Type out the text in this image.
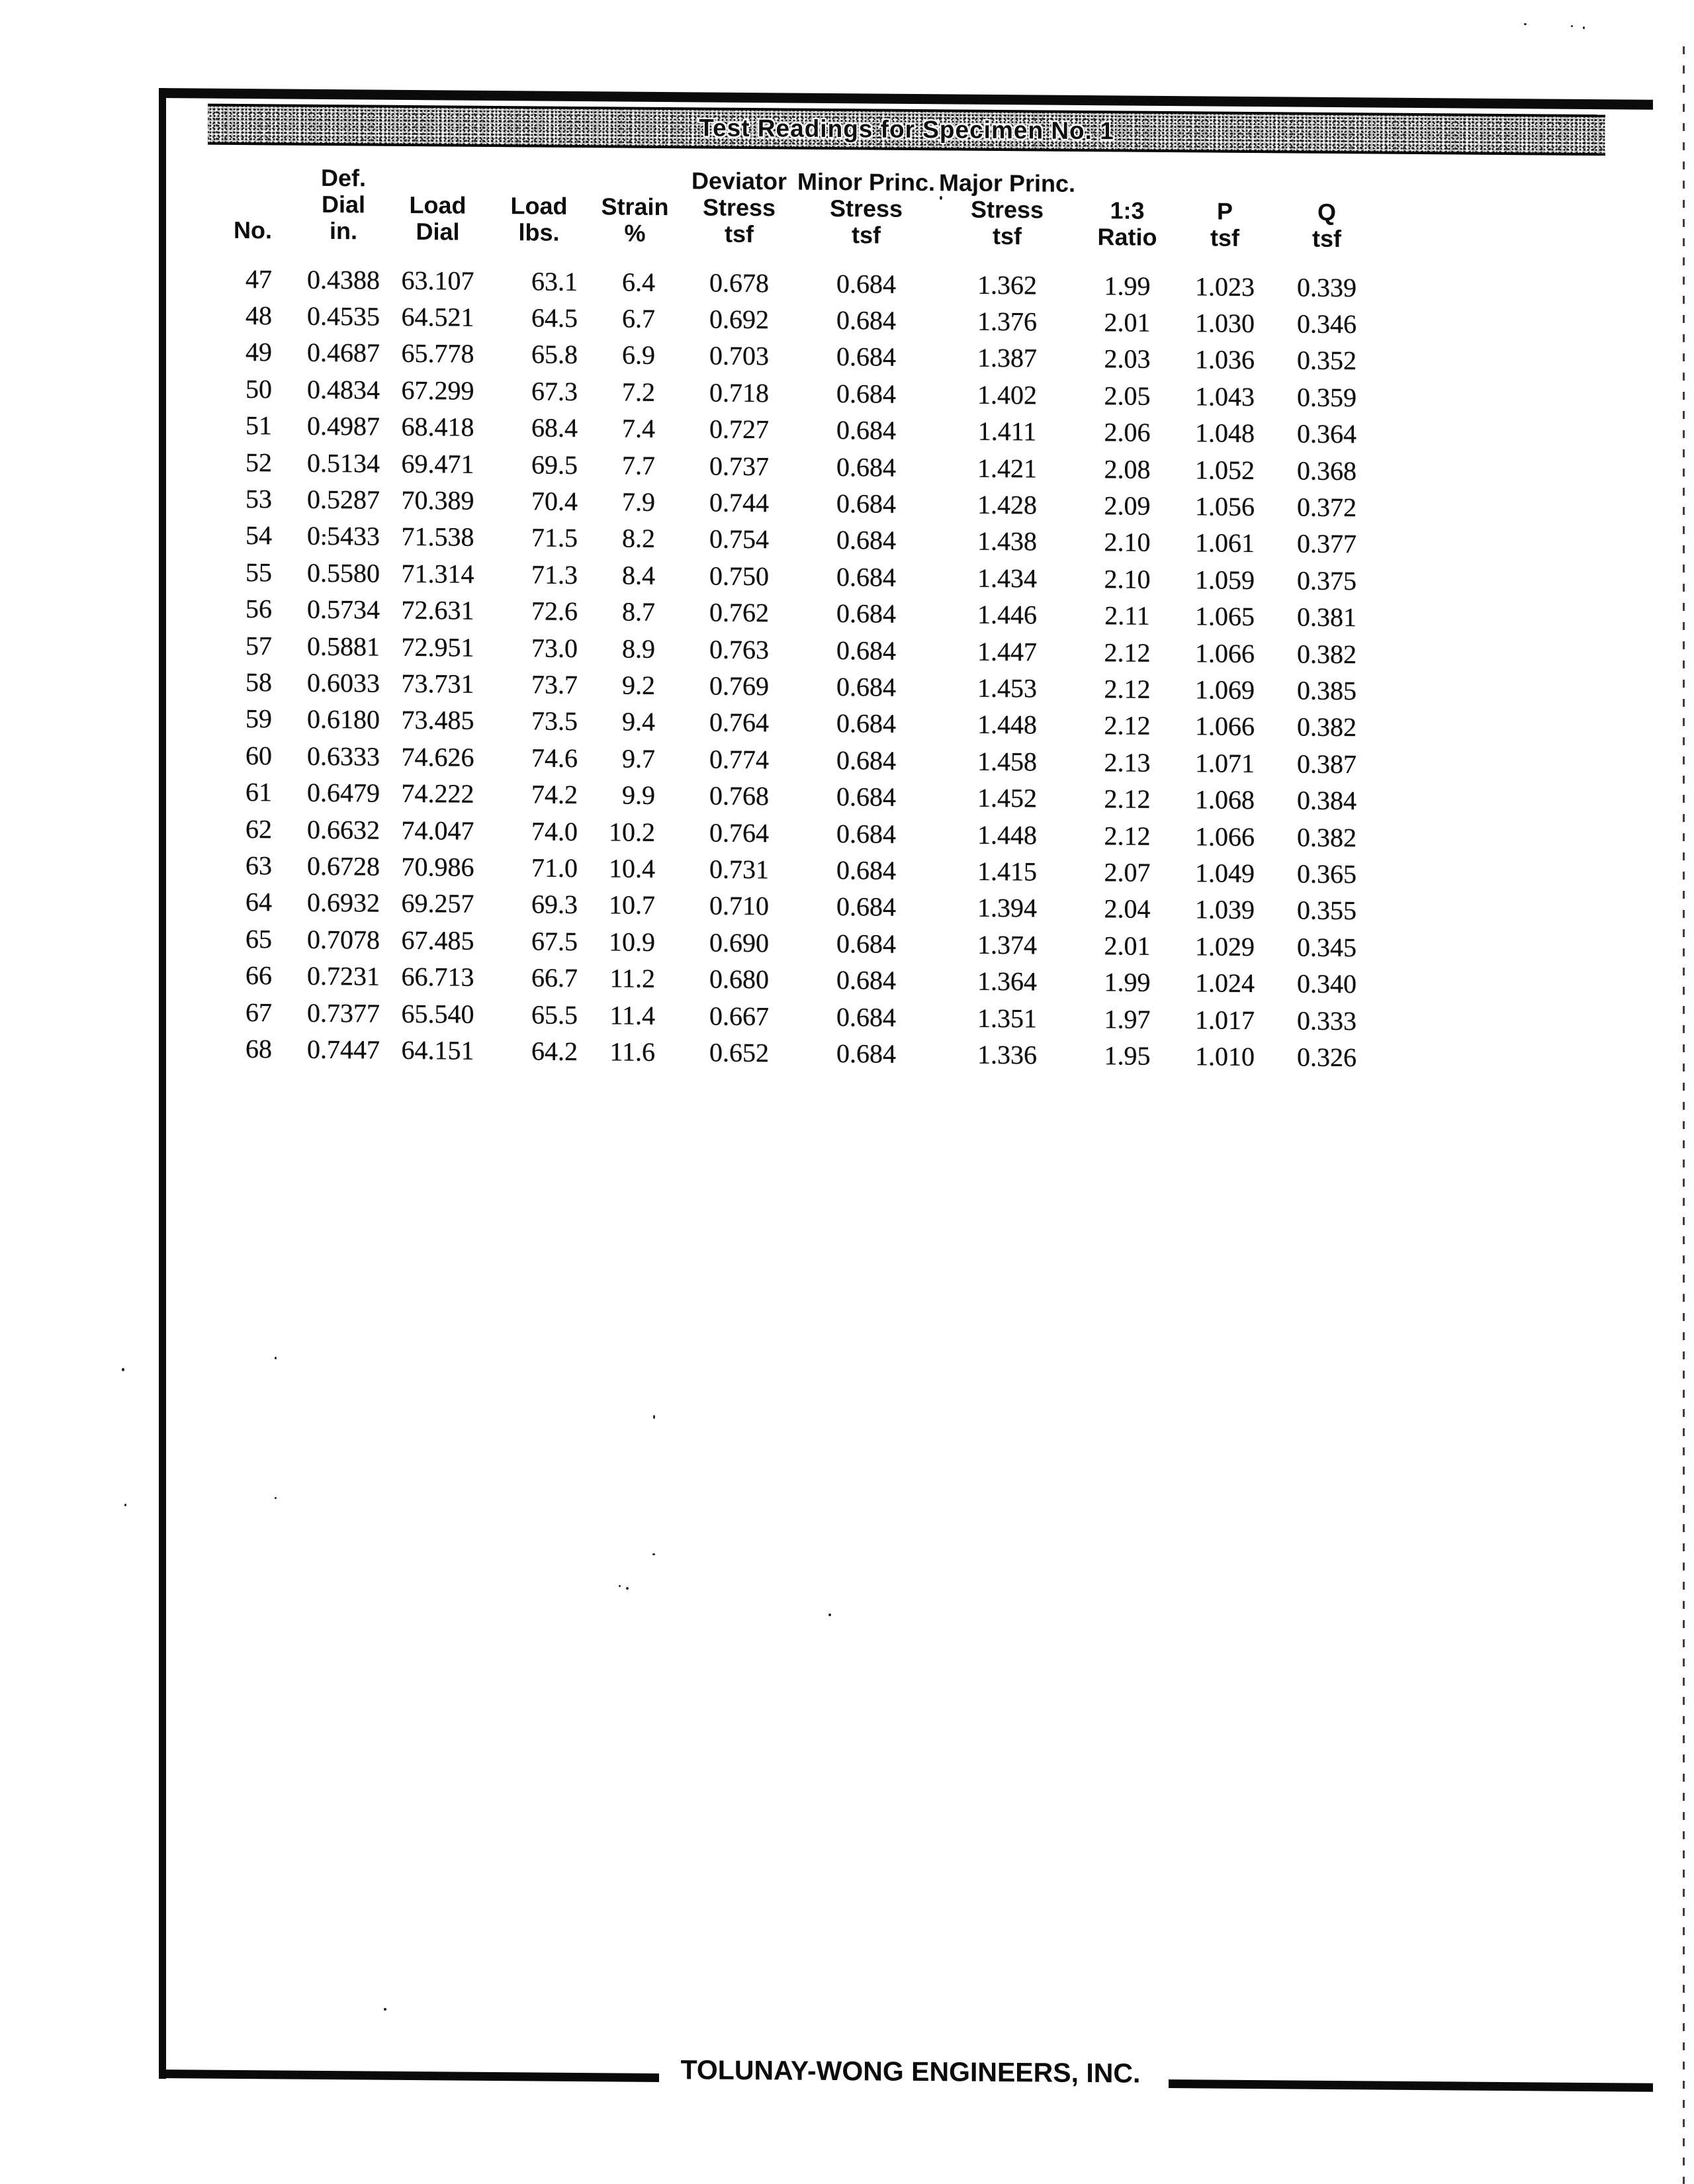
Test Readings for Specimen No. 1
	Def.				Deviator	Minor Princ.	Major Princ.			
	Dial	Load	Load	Strain	Stress	Stress	Stress	1:3	P	Q
No.	in.	Dial	lbs.	%	tsf	tsf	tsf	Ratio	tsf	tsf

47	0.4388	63.107	63.1	6.4	0.678	0.684	1.362	1.99	1.023	0.339
48	0.4535	64.521	64.5	6.7	0.692	0.684	1.376	2.01	1.030	0.346
49	0.4687	65.778	65.8	6.9	0.703	0.684	1.387	2.03	1.036	0.352
50	0.4834	67.299	67.3	7.2	0.718	0.684	1.402	2.05	1.043	0.359
51	0.4987	68.418	68.4	7.4	0.727	0.684	1.411	2.06	1.048	0.364
52	0.5134	69.471	69.5	7.7	0.737	0.684	1.421	2.08	1.052	0.368
53	0.5287	70.389	70.4	7.9	0.744	0.684	1.428	2.09	1.056	0.372
54	0.5433	71.538	71.5	8.2	0.754	0.684	1.438	2.10	1.061	0.377
55	0.5580	71.314	71.3	8.4	0.750	0.684	1.434	2.10	1.059	0.375
56	0.5734	72.631	72.6	8.7	0.762	0.684	1.446	2.11	1.065	0.381
57	0.5881	72.951	73.0	8.9	0.763	0.684	1.447	2.12	1.066	0.382
58	0.6033	73.731	73.7	9.2	0.769	0.684	1.453	2.12	1.069	0.385
59	0.6180	73.485	73.5	9.4	0.764	0.684	1.448	2.12	1.066	0.382
60	0.6333	74.626	74.6	9.7	0.774	0.684	1.458	2.13	1.071	0.387
61	0.6479	74.222	74.2	9.9	0.768	0.684	1.452	2.12	1.068	0.384
62	0.6632	74.047	74.0	10.2	0.764	0.684	1.448	2.12	1.066	0.382
63	0.6728	70.986	71.0	10.4	0.731	0.684	1.415	2.07	1.049	0.365
64	0.6932	69.257	69.3	10.7	0.710	0.684	1.394	2.04	1.039	0.355
65	0.7078	67.485	67.5	10.9	0.690	0.684	1.374	2.01	1.029	0.345
66	0.7231	66.713	66.7	11.2	0.680	0.684	1.364	1.99	1.024	0.340
67	0.7377	65.540	65.5	11.4	0.667	0.684	1.351	1.97	1.017	0.333
68	0.7447	64.151	64.2	11.6	0.652	0.684	1.336	1.95	1.010	0.326
TOLUNAY-WONG ENGINEERS, INC.
